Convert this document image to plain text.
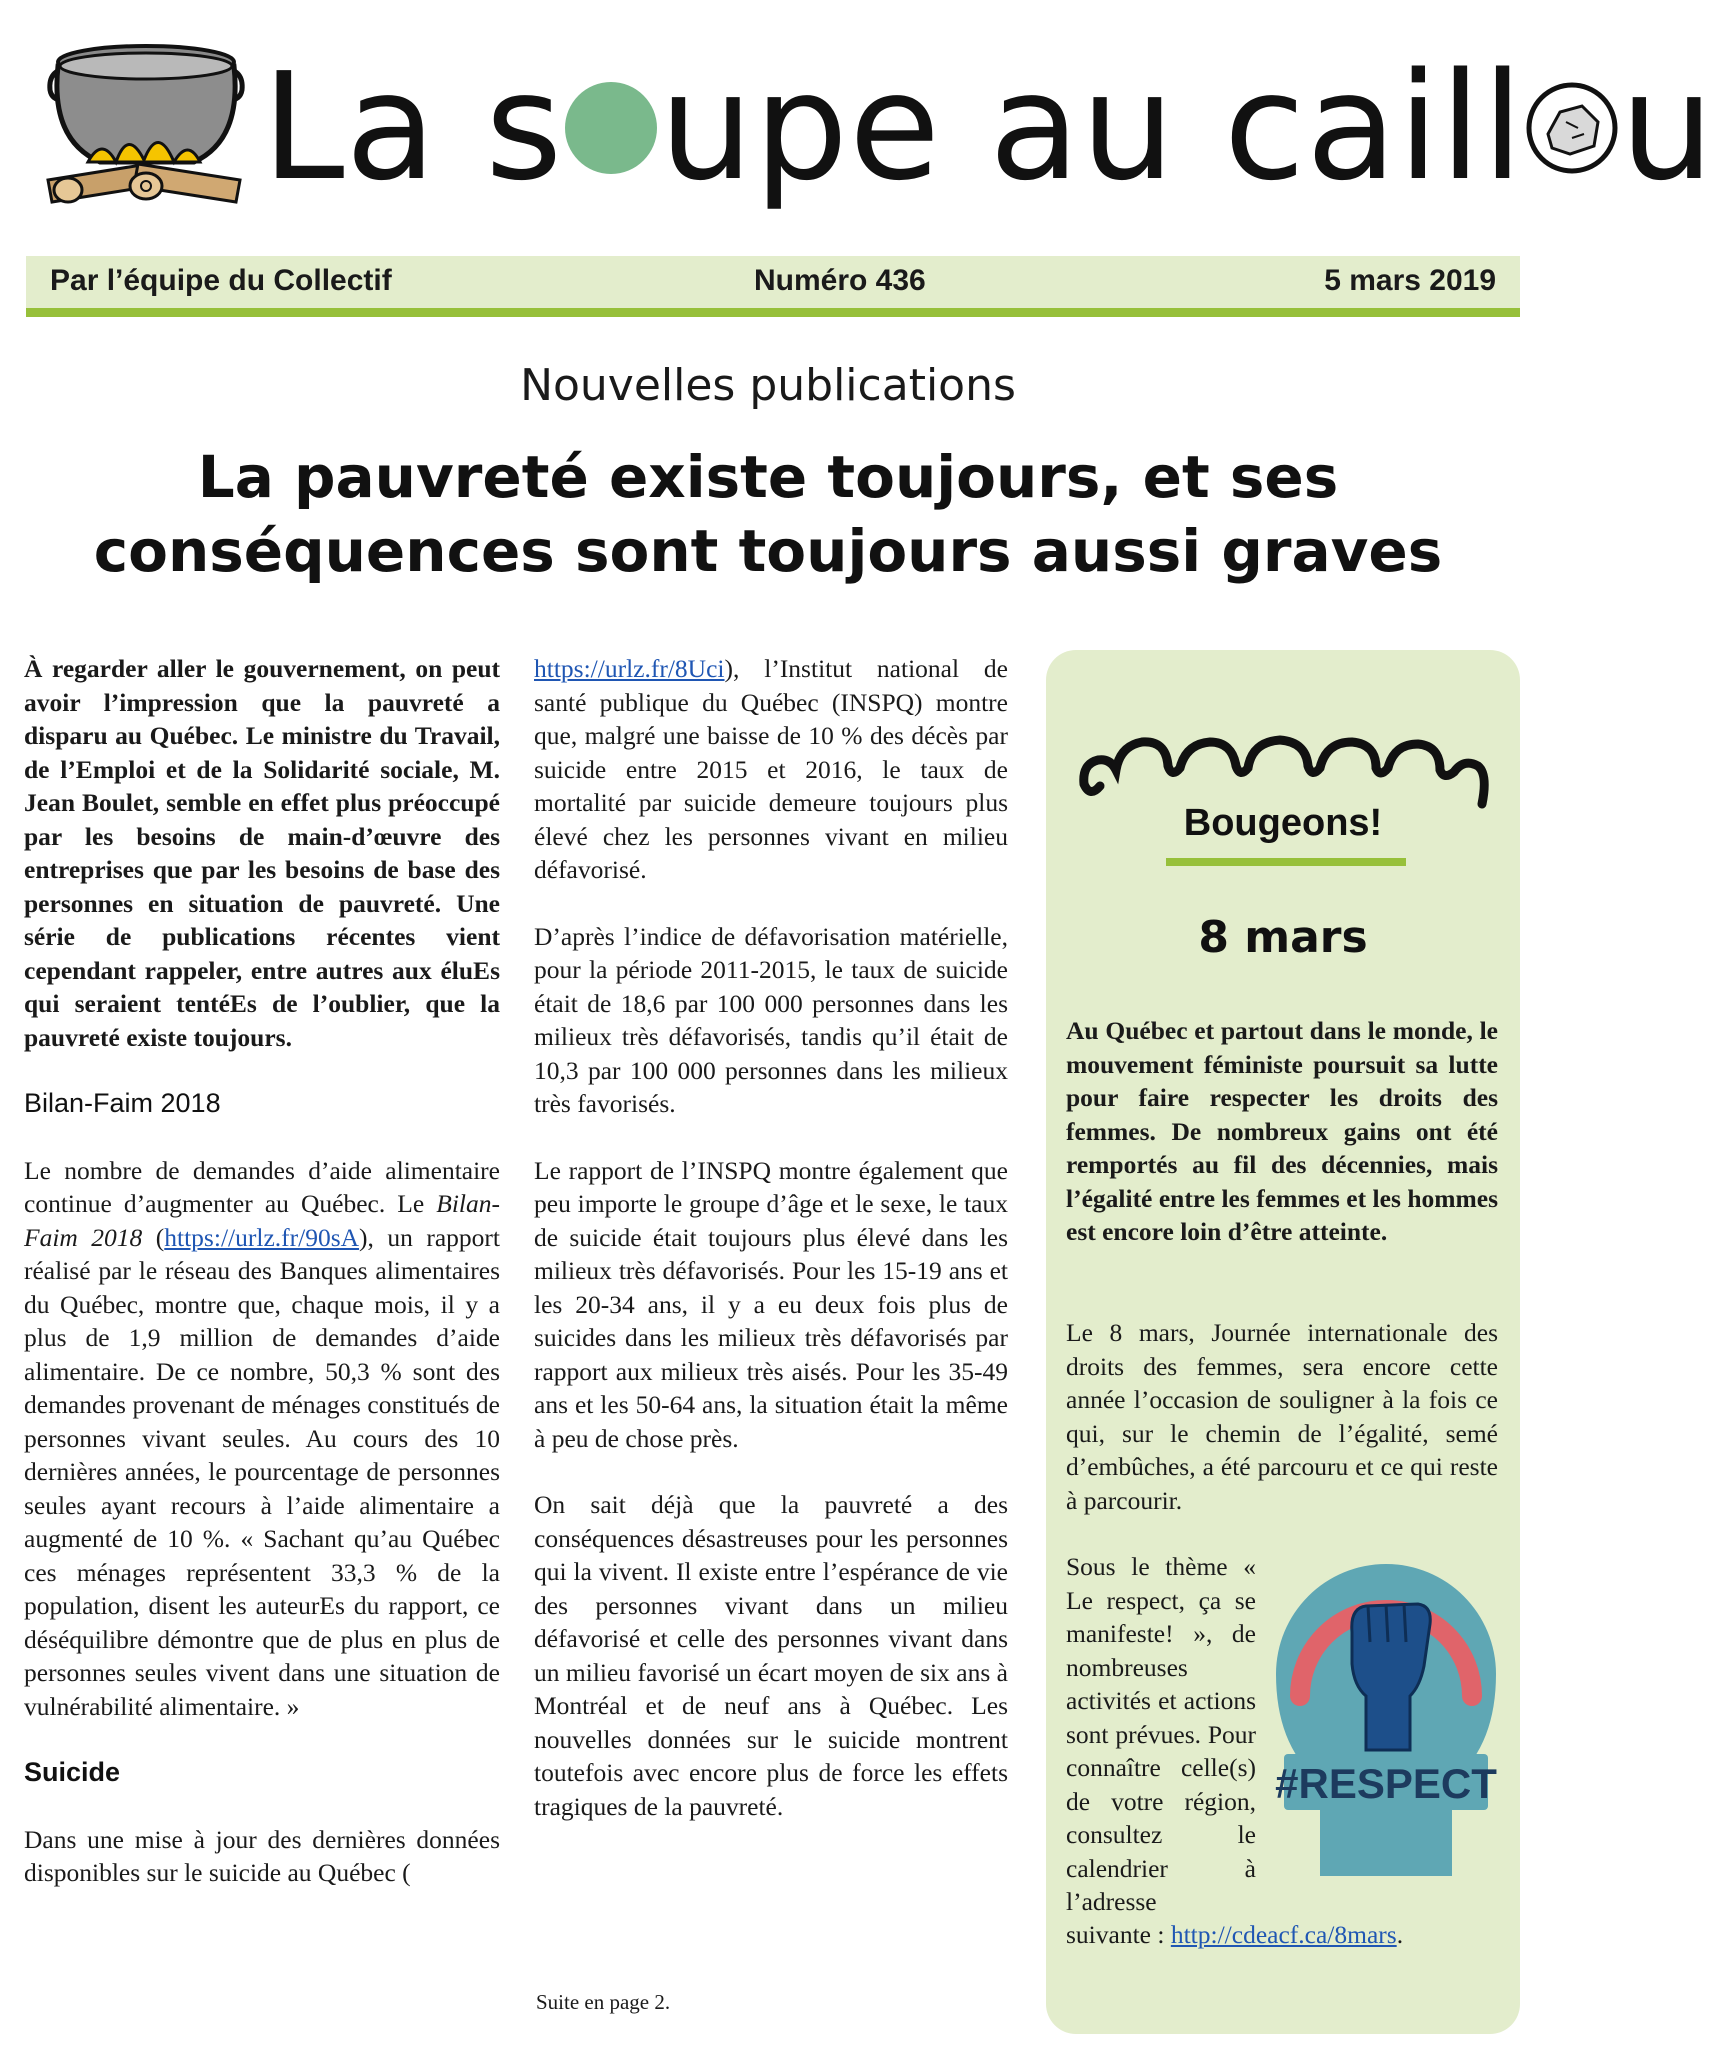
La s upe au caill u
Par l’équipe du Collectif	Numéro 436	5 mars 2019
Nouvelles publications
La pauvreté existe toujours, et ses conséquences sont toujours aussi graves

À regarder aller le gouvernement, on peut avoir l’impression que la pauvreté a disparu au Québec. Le ministre du Travail, de l’Emploi et de la Solidarité sociale, M. Jean Boulet, semble en effet plus préoccupé par les besoins de main-d’œuvre des entreprises que par les besoins de base des personnes en situation de pauvreté. Une série de publications récentes vient cependant rappeler, entre autres aux éluEs qui seraient tentéEs de l’oublier, que la pauvreté existe toujours.

Bilan-Faim 2018

Le nombre de demandes d’aide alimentaire continue d’augmenter au Québec. Le Bilan-Faim 2018 (https://urlz.fr/90sA), un rapport réalisé par le réseau des Banques alimentaires du Québec, montre que, chaque mois, il y a plus de 1,9 million de demandes d’aide alimentaire. De ce nombre, 50,3 % sont des demandes provenant de ménages constitués de personnes vivant seules. Au cours des 10 dernières années, le pourcentage de personnes seules ayant recours à l’aide alimentaire a augmenté de 10 %. « Sachant qu’au Québec ces ménages représentent 33,3 % de la population, disent les auteurEs du rapport, ce déséquilibre démontre que de plus en plus de personnes seules vivent dans une situation de vulnérabilité alimentaire. »

Suicide

Dans une mise à jour des dernières données disponibles sur le suicide au Québec (

https://urlz.fr/8Uci), l’Institut national de santé publique du Québec (INSPQ) montre que, malgré une baisse de 10 % des décès par suicide entre 2015 et 2016, le taux de mortalité par suicide demeure toujours plus élevé chez les personnes vivant en milieu défavorisé.

D’après l’indice de défavorisation matérielle, pour la période 2011-2015, le taux de suicide était de 18,6 par 100 000 personnes dans les milieux très défavorisés, tandis qu’il était de 10,3 par 100 000 personnes dans les milieux très favorisés.

Le rapport de l’INSPQ montre également que peu importe le groupe d’âge et le sexe, le taux de suicide était toujours plus élevé dans les milieux très défavorisés. Pour les 15-19 ans et les 20-34 ans, il y a eu deux fois plus de suicides dans les milieux très défavorisés par rapport aux milieux très aisés. Pour les 35-49 ans et les 50-64 ans, la situation était la même à peu de chose près.

On sait déjà que la pauvreté a des conséquences désastreuses pour les personnes qui la vivent. Il existe entre l’espérance de vie des personnes vivant dans un milieu défavorisé et celle des personnes vivant dans un milieu favorisé un écart moyen de six ans à Montréal et de neuf ans à Québec. Les nouvelles données sur le suicide montrent toutefois avec encore plus de force les effets tragiques de la pauvreté.

Suite en page 2.
Bougeons!
8 mars
Au Québec et partout dans le monde, le mouvement féministe poursuit sa lutte pour faire respecter les droits des femmes. De nombreux gains ont été remportés au fil des décennies, mais l’égalité entre les femmes et les hommes est encore loin d’être atteinte.
Le 8 mars, Journée internationale des droits des femmes, sera encore cette année l’occasion de souligner à la fois ce qui, sur le chemin de l’égalité, semé d’embûches, a été parcouru et ce qui reste à parcourir.
Sous le thème « Le respect, ça se manifeste! », de nombreuses activités et actions sont prévues. Pour connaître celle(s) de votre région, consultez le calendrier à l’adresse
suivante : http://cdeacf.ca/8mars.
#RESPECT
